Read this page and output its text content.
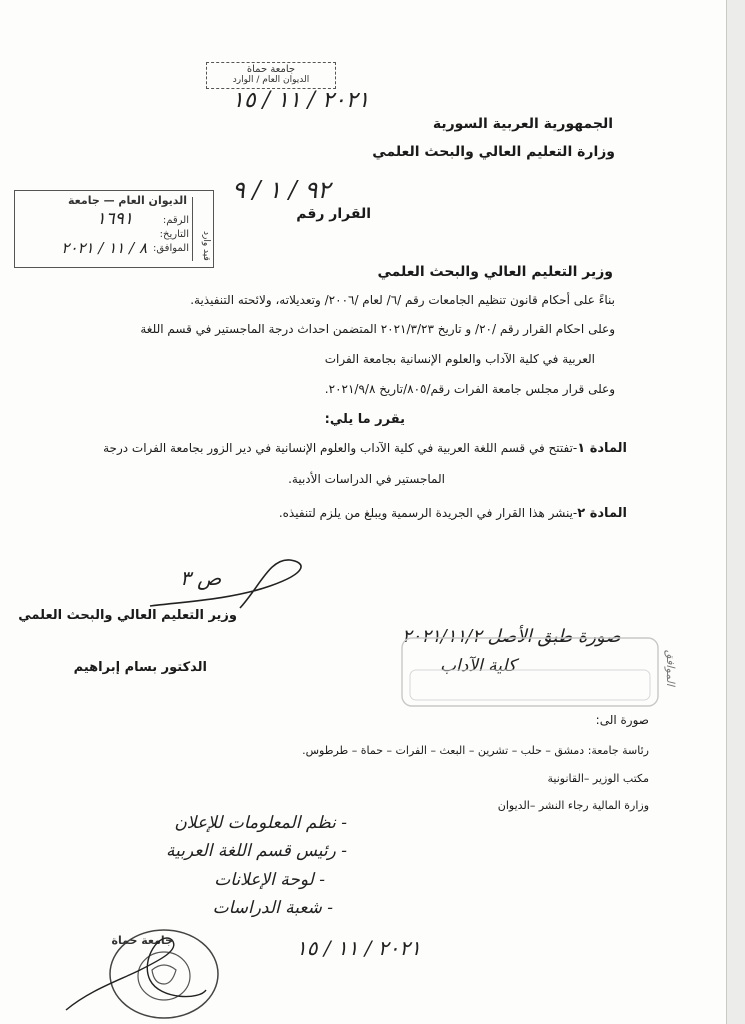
جامعة حماة
الديوان العام / الوارد
٢٠٢١ / ١١ / ١٥
الجمهورية العربية السورية
وزارة التعليم العالي والبحث العلمي
الديوان العام — جامعة
قيد وارد
الرقم:
التاريخ:
الموافق:
١٦٩١
٨ / ١١ / ٢٠٢١
القرار رقم
٩٢ / ١ / ٩
وزير التعليم العالي والبحث العلمي
بناءً على أحكام قانون تنظيم الجامعات رقم /٦/ لعام /٢٠٠٦/ وتعديلاته، ولائحته التنفيذية.
وعلى احكام القرار رقم /٢٠/ و تاريخ ٢٠٢١/٣/٢٣ المتضمن احداث درجة الماجستير في قسم اللغة
العربية في كلية الآداب والعلوم الإنسانية بجامعة الفرات
وعلى قرار مجلس جامعة الفرات رقم/٨٠٥/تاريخ ٢٠٢١/٩/٨.
يقرر ما يلي:
المادة ١-تفتتح في قسم اللغة العربية في كلية الآداب والعلوم الإنسانية في دير الزور بجامعة الفرات درجة
الماجستير في الدراسات الأدبية.
المادة ٢-ينشر هذا القرار في الجريدة الرسمية ويبلغ من يلزم لتنفيذه.
ص ٣
وزير التعليم العالي والبحث العلمي
الدكتور بسام إبراهيم
صورة طبق الأصل ٢٠٢١/١١/٢
كلية الآداب	الموافق
صورة الى:
رئاسة جامعة: دمشق – حلب – تشرين – البعث – الفرات – حماة – طرطوس.
مكتب الوزير –القانونية
وزارة المالية رجاء النشر –الديوان
- نظم المعلومات للإعلان
- رئيس قسم اللغة العربية
- لوحة الإعلانات
- شعبة الدراسات
٢٠٢١ / ١١ / ١٥
جامعة حماة
